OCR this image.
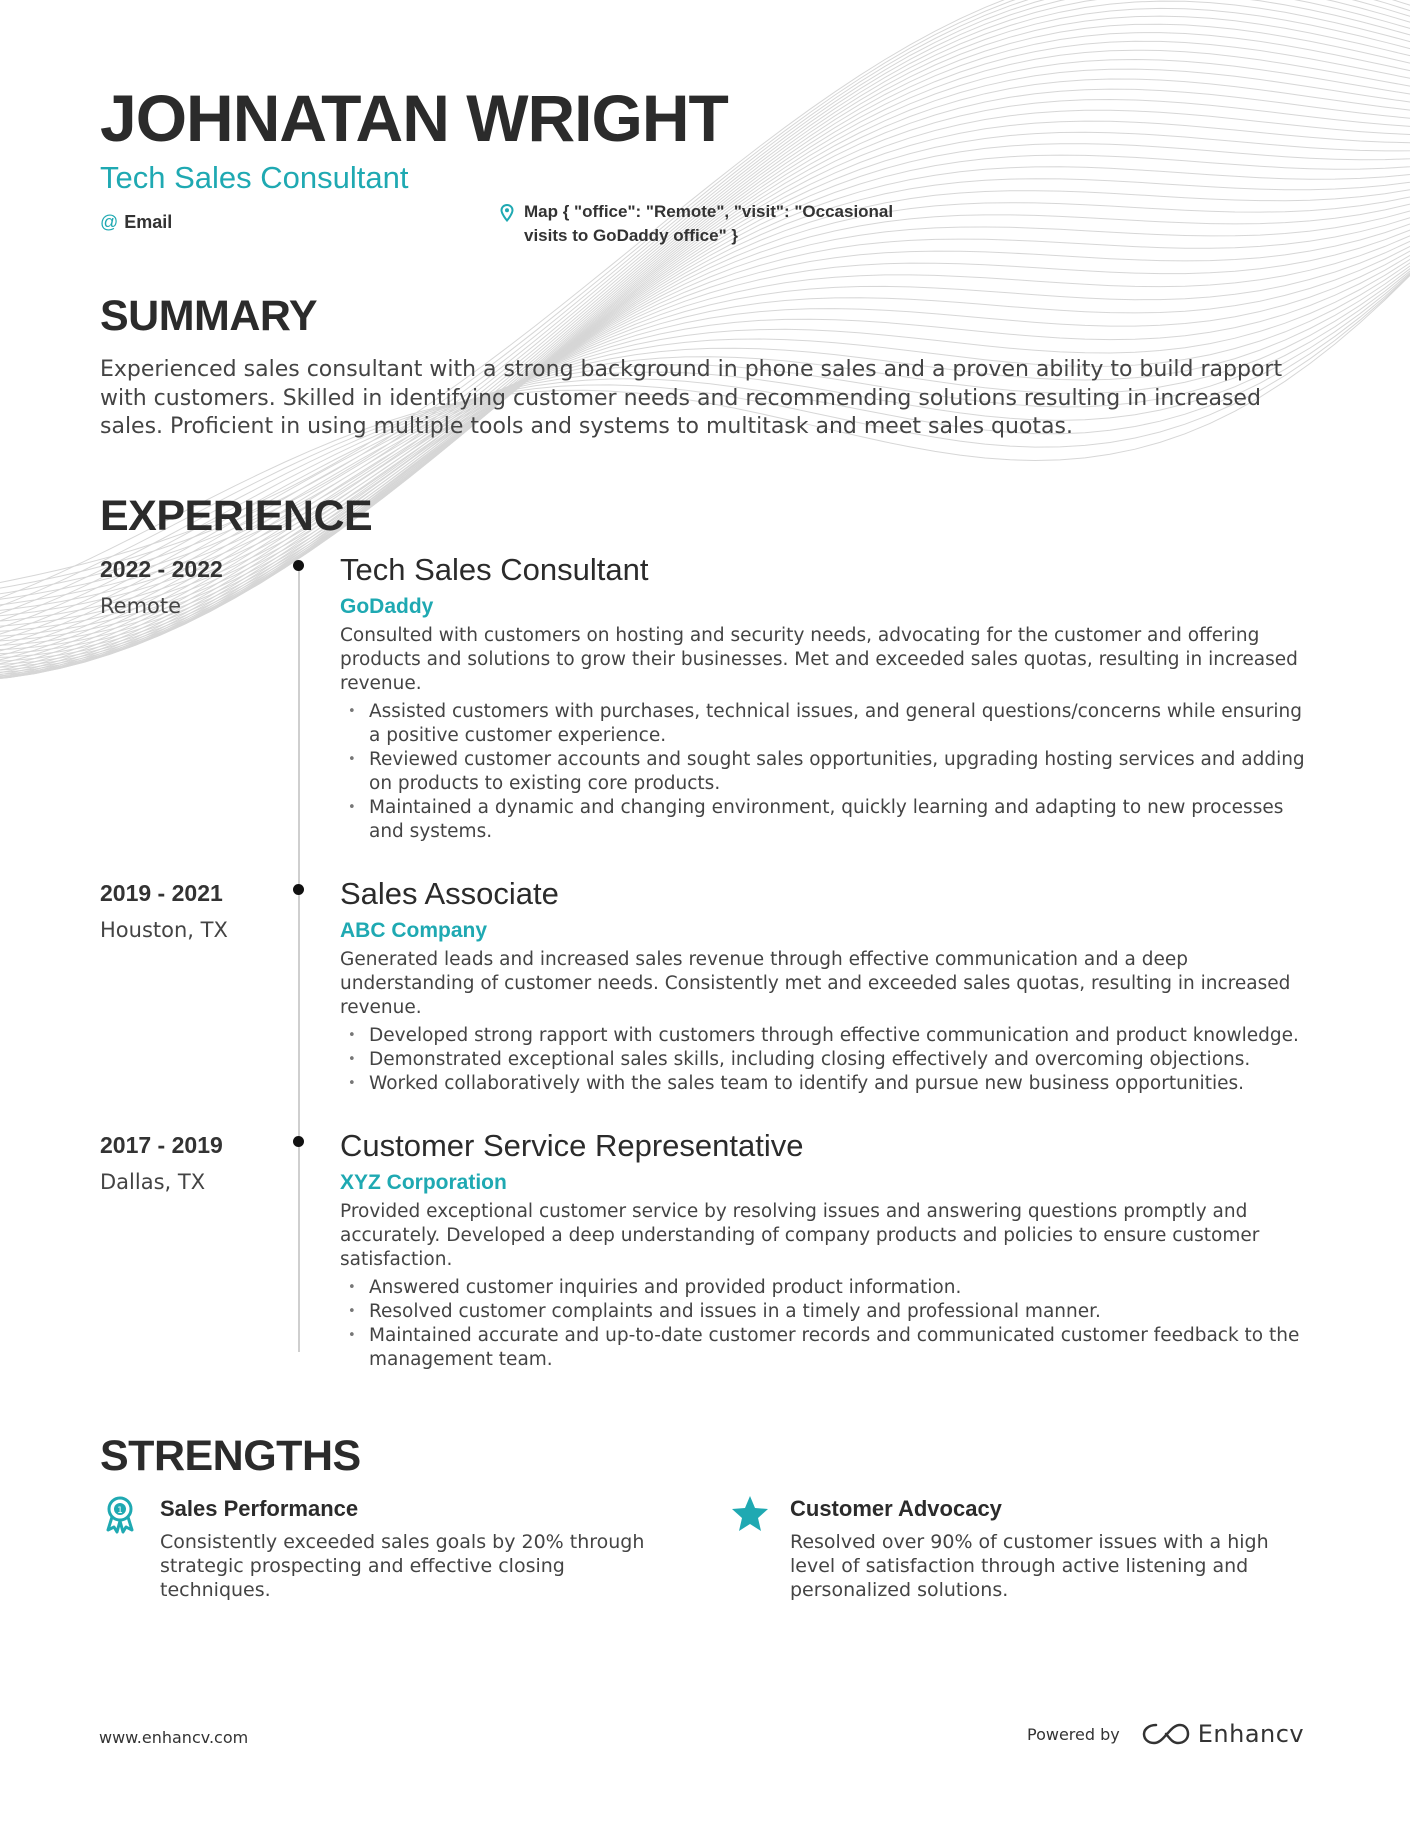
JOHNATAN WRIGHT
Tech Sales Consultant
@ Email
Map { "office": "Remote", "visit": "Occasional visits to GoDaddy office" }
SUMMARY
Experienced sales consultant with a strong background in phone sales and a proven ability to build rapport with customers. Skilled in identifying customer needs and recommending solutions resulting in increased sales. Proficient in using multiple tools and systems to multitask and meet sales quotas.
EXPERIENCE
2022 - 2022
Remote
Tech Sales Consultant
GoDaddy
Consulted with customers on hosting and security needs, advocating for the customer and offering products and solutions to grow their businesses. Met and exceeded sales quotas, resulting in increased revenue.
• Assisted customers with purchases, technical issues, and general questions/concerns while ensuring a positive customer experience.
• Reviewed customer accounts and sought sales opportunities, upgrading hosting services and adding on products to existing core products.
• Maintained a dynamic and changing environment, quickly learning and adapting to new processes and systems.
2019 - 2021
Houston, TX
Sales Associate
ABC Company
Generated leads and increased sales revenue through effective communication and a deep understanding of customer needs. Consistently met and exceeded sales quotas, resulting in increased revenue.
• Developed strong rapport with customers through effective communication and product knowledge.
• Demonstrated exceptional sales skills, including closing effectively and overcoming objections.
• Worked collaboratively with the sales team to identify and pursue new business opportunities.
2017 - 2019
Dallas, TX
Customer Service Representative
XYZ Corporation
Provided exceptional customer service by resolving issues and answering questions promptly and accurately. Developed a deep understanding of company products and policies to ensure customer satisfaction.
• Answered customer inquiries and provided product information.
• Resolved customer complaints and issues in a timely and professional manner.
• Maintained accurate and up-to-date customer records and communicated customer feedback to the management team.
STRENGTHS
1 Sales Performance
Consistently exceeded sales goals by 20% through strategic prospecting and effective closing techniques.
Customer Advocacy
Resolved over 90% of customer issues with a high level of satisfaction through active listening and personalized solutions.
www.enhancv.com	Powered by	Enhancv
